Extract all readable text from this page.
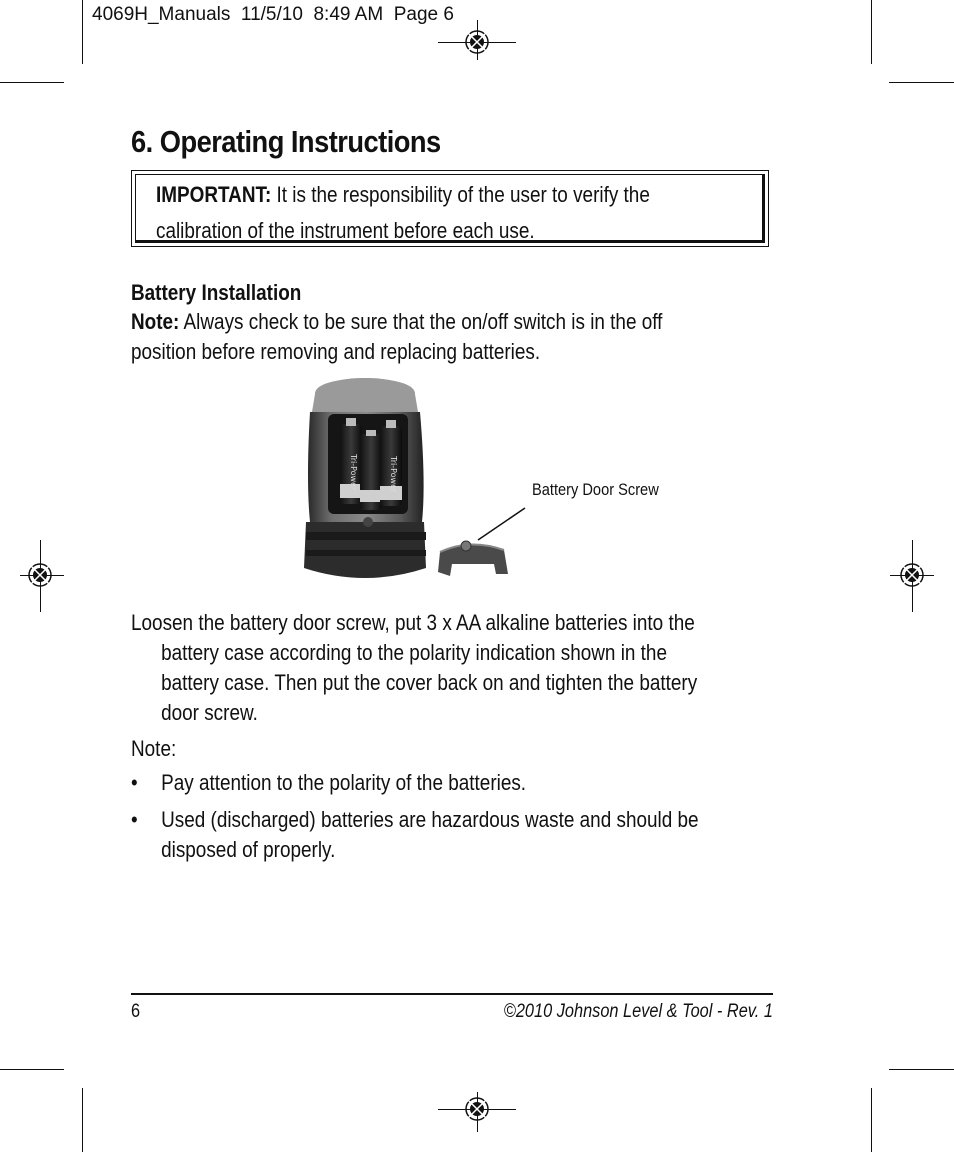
4069H_Manuals  11/5/10  8:49 AM  Page 6
6. Operating Instructions
IMPORTANT: It is the responsibility of the user to verify the
calibration of the instrument before each use.
Battery Installation
Note: Always check to be sure that the on/off switch is in the off
position before removing and replacing batteries.
Tri-Power	Tri-Power	Battery Door Screw
Loosen the battery door screw, put 3 x AA alkaline batteries into the
battery case according to the polarity indication shown in the
battery case. Then put the cover back on and tighten the battery
door screw.
Note:
•	Pay attention to the polarity of the batteries.
•	Used (discharged) batteries are hazardous waste and should be
disposed of properly.
6	©2010 Johnson Level & Tool - Rev. 1
